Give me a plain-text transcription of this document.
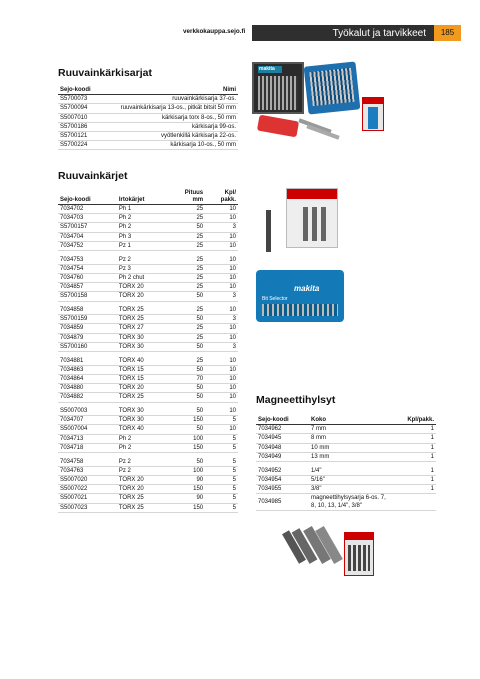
verkkokauppa.sejo.fi	Työkalut ja tarvikkeet	185
Ruuvainkärkisarjat
Sejo-koodi	Nimi
S5700073	ruuvainkärkisarja 37-os.
S5700094	ruuvainkärkisarja 13-os., pitkät bitsit 50 mm
S5007010	kärkisarja torx 8-os., 50 mm
S5700186	kärkisarja 99-os.
S5700121	vyötlenkillä kärkisarja 22-os.
S5700224	kärkisarja 10-os., 50 mm
makita
Ruuvainkärjet
		Pituus	Kpl/
Sejo-koodi	Irtokärjet	mm	pakk.
7034702	Ph 1	25	10
7034703	Ph 2	25	10
S5700157	Ph 2	50	3
7034704	Ph 3	25	10
7034752	Pz 1	25	10

7034753	Pz 2	25	10
7034754	Pz 3	25	10
7034760	Ph 2 chut	25	10
7034857	TORX 20	25	10
S5700158	TORX 20	50	3

7034858	TORX 25	25	10
S5700159	TORX 25	50	3
7034859	TORX 27	25	10
7034879	TORX 30	25	10
S5700160	TORX 30	50	3

7034881	TORX 40	25	10
7034863	TORX 15	50	10
7034864	TORX 15	70	10
7034880	TORX 20	50	10
7034882	TORX 25	50	10

S5007003	TORX 30	50	10
7034707	TORX 30	150	5
S5007004	TORX 40	50	10
7034713	Ph 2	100	5
7034718	Ph 2	150	5

7034758	Pz 2	50	5
7034763	Pz 2	100	5
S5007020	TORX 20	90	5
S5007022	TORX 20	150	5
S5007021	TORX 25	90	5
S5007023	TORX 25	150	5
makita
Bit Selector
Magneettihylsyt
Sejo-koodi	Koko	Kpl/pakk.
7034962	7 mm	1
7034945	8 mm	1
7034948	10 mm	1
7034949	13 mm	1

7034952	1/4"	1
7034954	5/16"	1
7034955	3/8"	1
7034985	magneettihylsysarja 6-os. 7, 8, 10, 13, 1/4", 3/8"	
